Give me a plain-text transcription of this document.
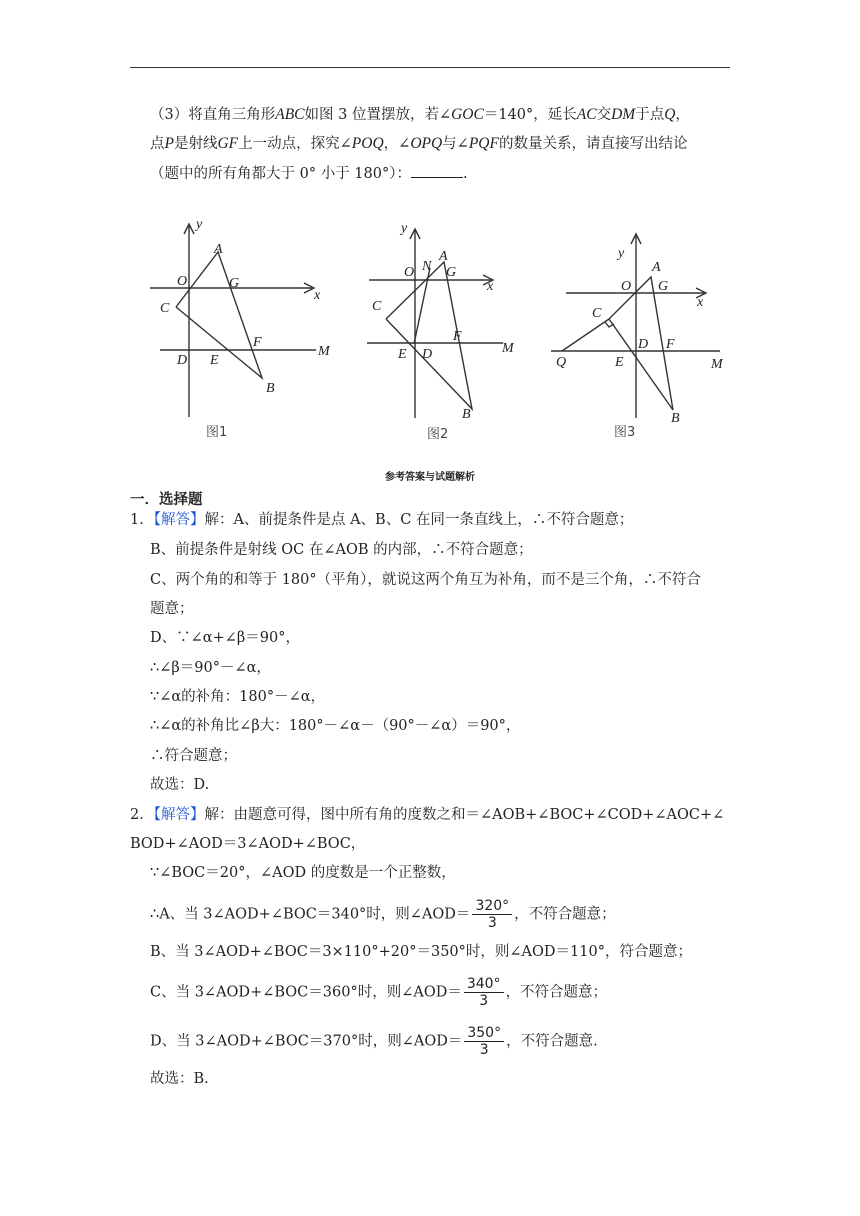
（3）将直角三角形ABC如图 3 位置摆放，若∠GOC＝140°，延长AC交DM于点Q，
点P是射线GF上一动点，探究∠POQ，∠OPQ与∠PQF的数量关系，请直接写出结论
（题中的所有角都大于 0° 小于 180°）：	.
y
A
O	G
x
C
F
M
D E
B
图1
y
A
N G
O
x
C
F
E D	M
B
图2
y
A
O G
x
C
D F
Q	E	M
B
图3
参考答案与试题解析
一．选择题
1．【解答】解：A、前提条件是点 A、B、C 在同一条直线上，∴不符合题意；
B、前提条件是射线 OC 在∠AOB 的内部，∴不符合题意；
C、两个角的和等于 180°（平角），就说这两个角互为补角，而不是三个角，∴不符合
题意；
D、∵∠α+∠β＝90°，
∴∠β＝90°－∠α，
∵∠α的补角：180°－∠α，
∴∠α的补角比∠β大：180°－∠α－（90°－∠α）＝90°，
∴符合题意；
故选：D.
2．【解答】解：由题意可得，图中所有角的度数之和＝∠AOB+∠BOC+∠COD+∠AOC+∠
BOD+∠AOD＝3∠AOD+∠BOC，
∵∠BOC＝20°，∠AOD 的度数是一个正整数，
∴A、当 3∠AOD+∠BOC＝340°时，则∠AOD＝ $\frac{320^\circ}{3}$ ，不符合题意；
B、当 3∠AOD+∠BOC＝3×110°+20°＝350°时，则∠AOD＝110°，符合题意；
C、当 3∠AOD+∠BOC＝360°时，则∠AOD＝ $\frac{340^\circ}{3}$ ，不符合题意；
D、当 3∠AOD+∠BOC＝370°时，则∠AOD＝ $\frac{350^\circ}{3}$ ，不符合题意.
故选：B.
